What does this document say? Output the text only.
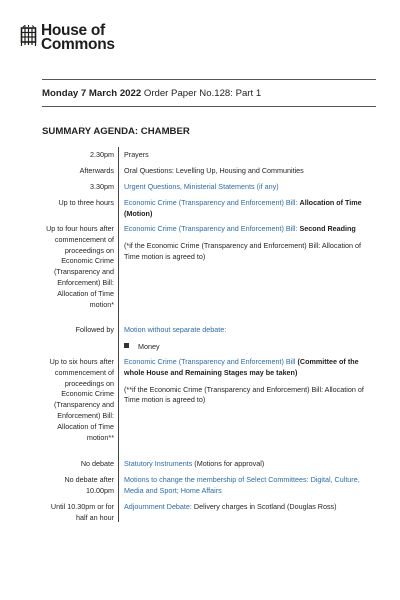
House of
Commons
Monday 7 March 2022 Order Paper No.128: Part 1
SUMMARY AGENDA: CHAMBER
2.30pm Prayers
Afterwards Oral Questions: Levelling Up, Housing and Communities
3.30pm Urgent Questions, Ministerial Statements (if any)
Up to three hours Economic Crime (Transparency and Enforcement) Bill: Allocation of Time (Motion)
Up to four hours after commencement of proceedings on Economic Crime (Transparency and Enforcement) Bill: Allocation of Time motion*
Economic Crime (Transparency and Enforcement) Bill: Second Reading
(*if the Economic Crime (Transparency and Enforcement) Bill: Allocation of Time motion is agreed to)
Followed by Motion without separate debate:
Money
Up to six hours after commencement of proceedings on Economic Crime (Transparency and Enforcement) Bill: Allocation of Time motion**
Economic Crime (Transparency and Enforcement) Bill (Committee of the whole House and Remaining Stages may be taken)
(**if the Economic Crime (Transparency and Enforcement) Bill: Allocation of Time motion is agreed to)
No debate Statutory Instruments (Motions for approval)
No debate after 10.00pm
Motions to change the membership of Select Committees: Digital, Culture, Media and Sport; Home Affairs
Until 10.30pm or for half an hour
Adjournment Debate: Delivery charges in Scotland (Douglas Ross)
